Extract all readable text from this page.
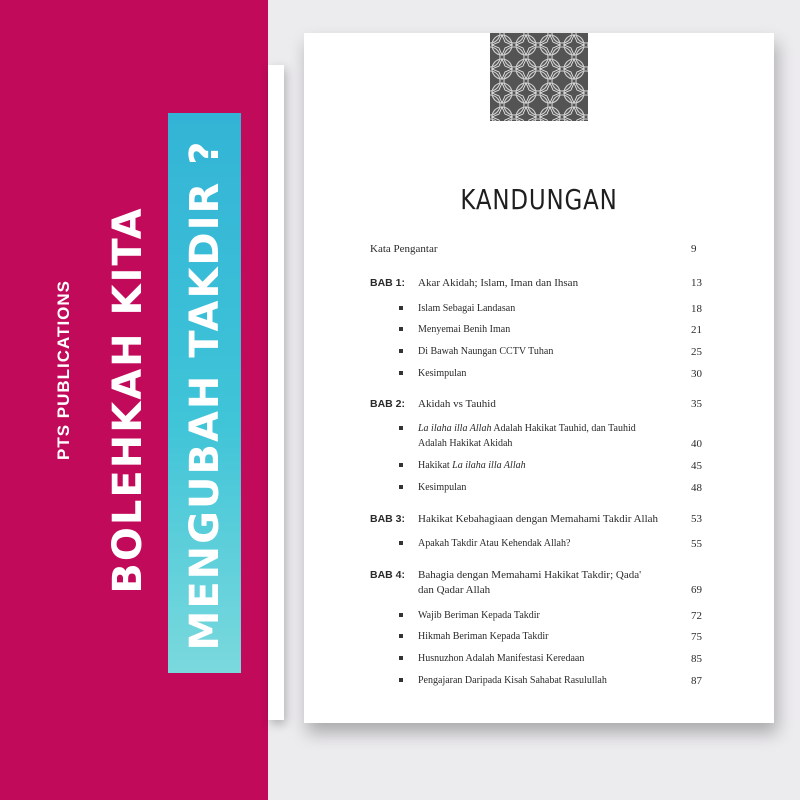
PTS PUBLICATIONS BOLEHKAH KITA MENGUBAH TAKDIR ?	KANDUNGAN
Kata Pengantar	9
BAB 1: Akar Akidah; Islam, Iman dan Ihsan	13
Islam Sebagai Landasan	18
Menyemai Benih Iman	21
Di Bawah Naungan CCTV Tuhan	25
Kesimpulan	30
BAB 2: Akidah vs Tauhid	35
La ilaha illa Allah Adalah Hakikat Tauhid, dan Tauhid
Adalah Hakikat Akidah	40
Hakikat La ilaha illa Allah	45
Kesimpulan	48
BAB 3: Hakikat Kebahagiaan dengan Memahami Takdir Allah	53
Apakah Takdir Atau Kehendak Allah?	55
BAB 4: Bahagia dengan Memahami Hakikat Takdir; Qada'
dan Qadar Allah	69
Wajib Beriman Kepada Takdir	72
Hikmah Beriman Kepada Takdir	75
Husnuzhon Adalah Manifestasi Keredaan	85
Pengajaran Daripada Kisah Sahabat Rasulullah	87
